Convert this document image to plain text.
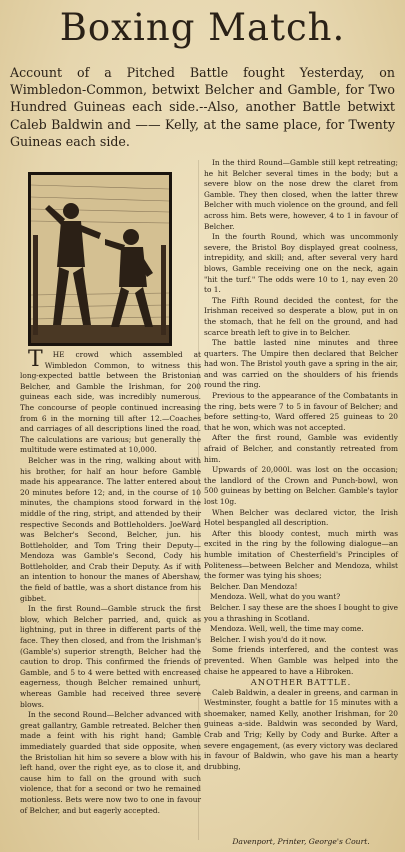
Boxing Match.

Account of a Pitched Battle fought Yesterday, on Wimbledon-Common, betwixt Belcher and Gamble, for Two Hundred Guineas each side.--Also, another Battle betwixt Caleb Baldwin and —— Kelly, at the same place, for Twenty Guineas each side.

T HE crowd which assembled at Wimbledon Common, to witness this long-expected battle between the Bristonian Belcher, and Gamble the Irishman, for 200 guineas each side, was incredibly numerous. The concourse of people continued increasing from 6 in the morning till after 12.—Coaches and carriages of all descriptions lined the road. The calculations are various; but generally the multitude were estimated at 10,000.

Belcher was in the ring, walking about with his brother, for half an hour before Gamble made his appearance. The latter entered about 20 minutes before 12; and, in the course of 10 minutes, the champions stood forward in the middle of the ring, stript, and attended by their respective Seconds and Bottleholders. JoeWard was Belcher's Second, Belcher, jun. his Bottleholder, and Tom Tring their Deputy—Mendoza was Gamble's Second, Cody his Bottleholder, and Crab their Deputy. As if with an intention to honour the manes of Abershaw, the field of battle, was a short distance from his gibbet.

In the first Round—Gamble struck the first blow, which Belcher parried, and, quick as lightning, put in three in different parts of the face. They then closed, and from the Irishman's (Gamble's) superior strength, Belcher had the caution to drop. This confirmed the friends of Gamble, and 5 to 4 were betted with encreased eagerness, though Belcher remained unhurt, whereas Gamble had received three severe blows.

In the second Round—Belcher advanced with great gallantry, Gamble retreated. Belcher then made a feint with his right hand; Gamble immediately guarded that side opposite, when the Bristolian hit him so severe a blow with his left hand, over the right eye, as to close it, and cause him to fall on the ground with such violence, that for a second or two he remained motionless. Bets were now two to one in favour of Belcher, and but eagerly accepted.

In the third Round—Gamble still kept retreating; he hit Belcher several times in the body; but a severe blow on the nose drew the claret from Gamble. They then closed, when the latter threw Belcher with much violence on the ground, and fell across him. Bets were, however, 4 to 1 in favour of Belcher.

In the fourth Round, which was uncommonly severe, the Bristol Boy displayed great coolness, intrepidity, and skill; and, after several very hard blows, Gamble receiving one on the neck, again "hit the turf." The odds were 10 to 1, nay even 20 to 1.

The Fifth Round decided the contest, for the Irishman received so desperate a blow, put in on the stomach, that he fell on the ground, and had scarce breath left to give in to Belcher.

The battle lasted nine minutes and three quarters. The Umpire then declared that Belcher had won. The Bristol youth gave a spring in the air, and was carried on the shoulders of his friends round the ring.

Previous to the appearance of the Combatants in the ring, bets were 7 to 5 in favour of Belcher; and before setting-to, Ward offered 25 guineas to 20 that he won, which was not accepted.

After the first round, Gamble was evidently afraid of Belcher, and constantly retreated from him.

Upwards of 20,000l. was lost on the occasion; the landlord of the Crown and Punch-bowl, won 500 guineas by betting on Belcher. Gamble's taylor lost 10g.

When Belcher was declared victor, the Irish Hotel bespangled all description.

After this bloody contest, much mirth was excited in the ring by the following dialogue—an humble imitation of Chesterfield's Principles of Politeness—between Belcher and Mendoza, whilst the former was tying his shoes;

Belcher. Dan Mendoza!

Mendoza. Well, what do you want?

Belcher. I say these are the shoes I bought to give you a thrashing in Scotland.

Mendoza. Well, well, the time may come.

Belcher. I wish you'd do it now.

Some friends interfered, and the contest was prevented. When Gamble was helped into the chaise he appeared to have a Hibroken.

ANOTHER BATTLE.

Caleb Baldwin, a dealer in greens, and carman in Westminster, fought a battle for 15 minutes with a shoemaker, named Kelly, another Irishman, for 20 guineas a-side. Baldwin was seconded by Ward, Crab and Trig; Kelly by Cody and Burke. After a severe engagement, (as every victory was declared in favour of Baldwin, who gave his man a hearty drubbing,

Davenport, Printer, George's Court.
